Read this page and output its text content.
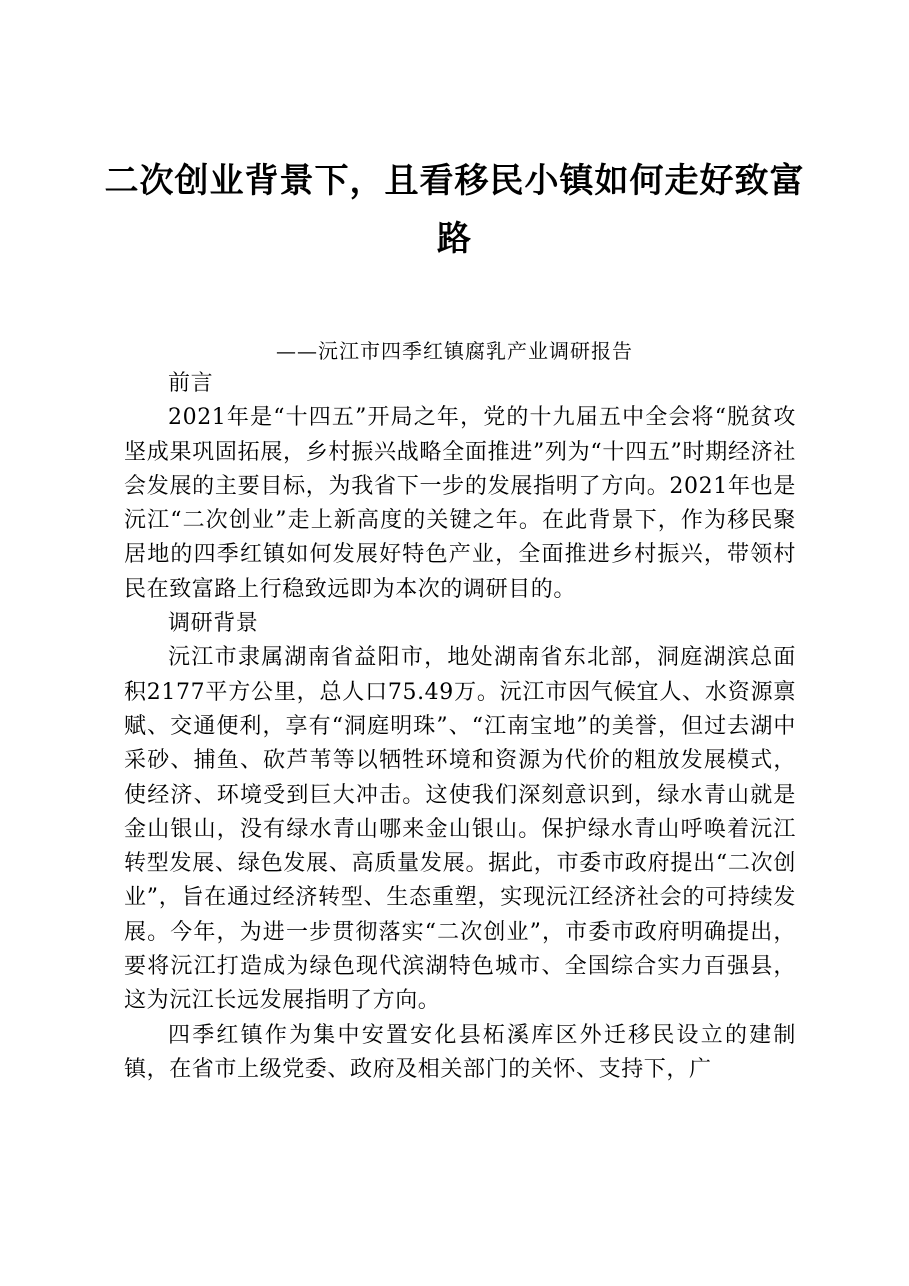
二次创业背景下，且看移民小镇如何走好致富路
——沅江市四季红镇腐乳产业调研报告

前言

2021年是“十四五”开局之年，党的十九届五中全会将“脱贫攻坚成果巩固拓展，乡村振兴战略全面推进”列为“十四五”时期经济社会发展的主要目标，为我省下一步的发展指明了方向。2021年也是沅江“二次创业”走上新高度的关键之年。在此背景下，作为移民聚居地的四季红镇如何发展好特色产业，全面推进乡村振兴，带领村民在致富路上行稳致远即为本次的调研目的。

调研背景

沅江市隶属湖南省益阳市，地处湖南省东北部，洞庭湖滨总面积2177平方公里，总人口75.49万。沅江市因气候宜人、水资源禀赋、交通便利，享有“洞庭明珠”、“江南宝地”的美誉，但过去湖中采砂、捕鱼、砍芦苇等以牺牲环境和资源为代价的粗放发展模式，使经济、环境受到巨大冲击。这使我们深刻意识到，绿水青山就是金山银山，没有绿水青山哪来金山银山。保护绿水青山呼唤着沅江转型发展、绿色发展、高质量发展。据此，市委市政府提出“二次创业”，旨在通过经济转型、生态重塑，实现沅江经济社会的可持续发展。今年，为进一步贯彻落实“二次创业”，市委市政府明确提出，要将沅江打造成为绿色现代滨湖特色城市、全国综合实力百强县，这为沅江长远发展指明了方向。

四季红镇作为集中安置安化县柘溪库区外迁移民设立的建制镇，在省市上级党委、政府及相关部门的关怀、支持下，广
